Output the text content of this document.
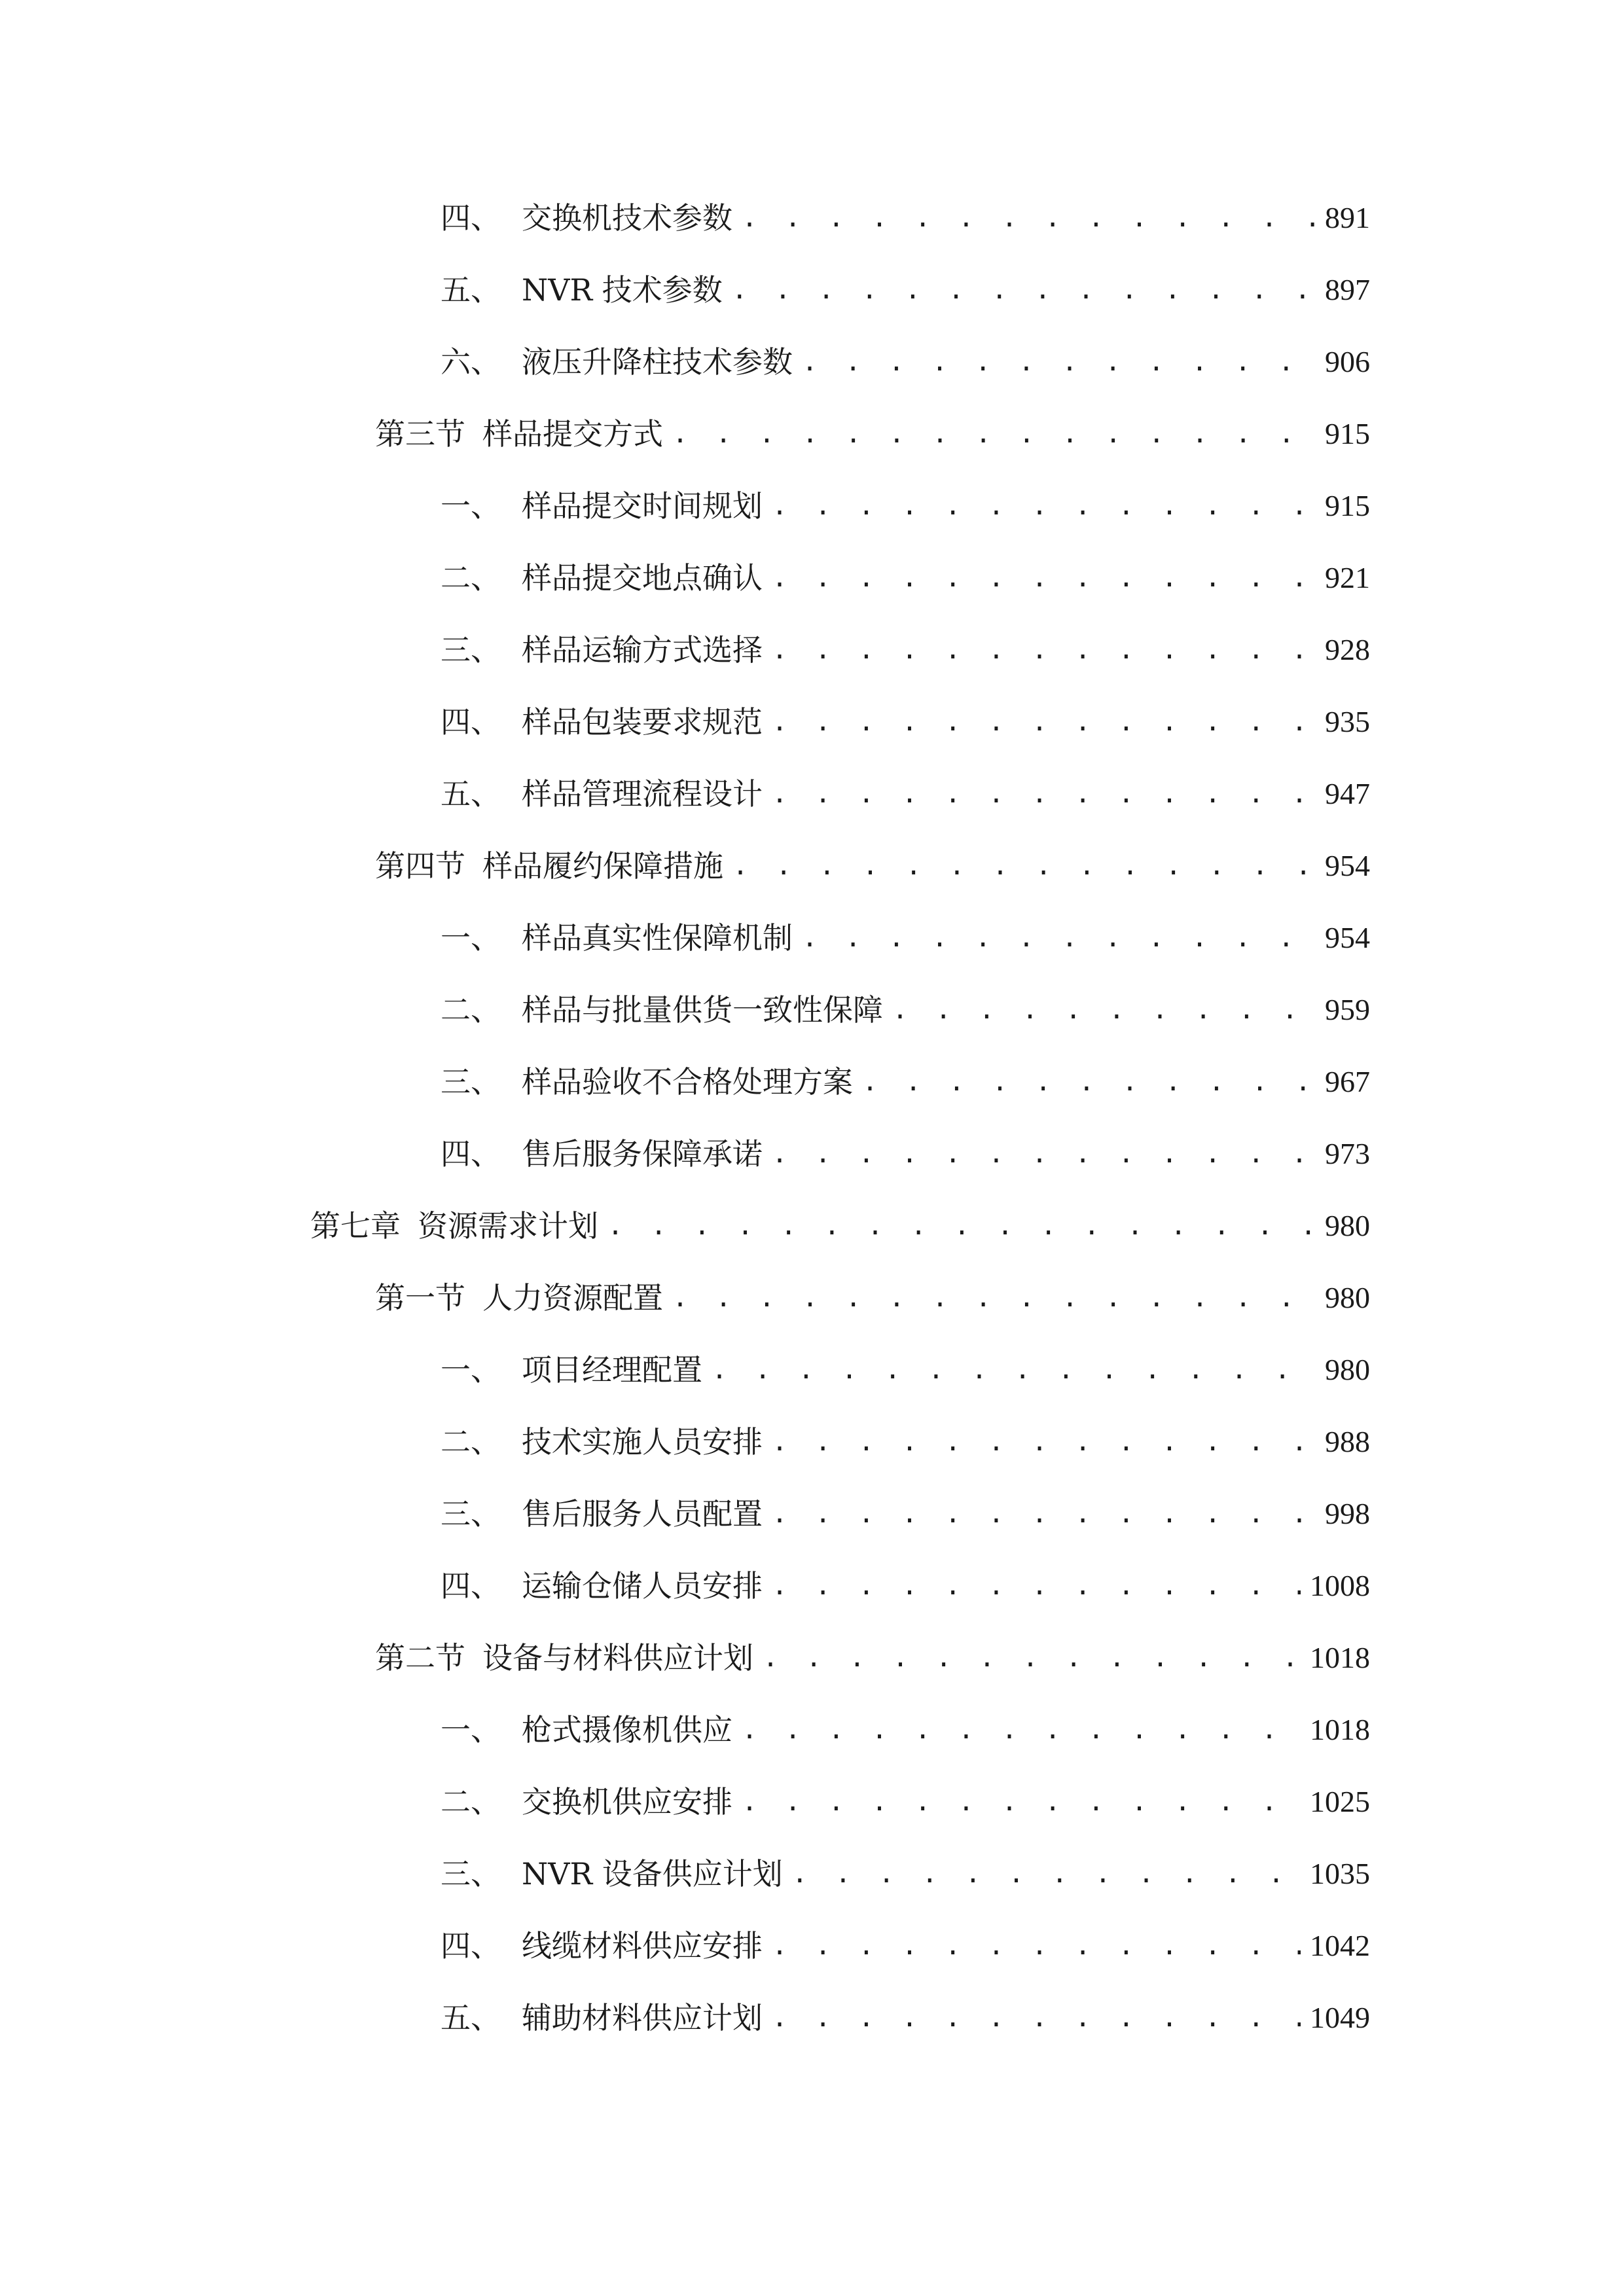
四、 交换机技术参数 . . .	891
五、 NVR 技术参数 . . .	897
六、 液压升降柱技术参数 . . .	906
第三节 样品提交方式 . . .	915
一、 样品提交时间规划 . . .	915
二、 样品提交地点确认 . . .	921
三、 样品运输方式选择 . . .	928
四、 样品包装要求规范 . . .	935
五、 样品管理流程设计 . . .	947
第四节 样品履约保障措施 . . .	954
一、 样品真实性保障机制 . . .	954
二、 样品与批量供货一致性保障 . . .	959
三、 样品验收不合格处理方案 . . .	967
四、 售后服务保障承诺 . . .	973
第七章 资源需求计划 . . .	980
第一节 人力资源配置 . . .	980
一、 项目经理配置 . . .	980
二、 技术实施人员安排 . . .	988
三、 售后服务人员配置 . . .	998
四、 运输仓储人员安排 . . .	1008
第二节 设备与材料供应计划 . . .	1018
一、 枪式摄像机供应 . . .	1018
二、 交换机供应安排 . . .	1025
三、 NVR 设备供应计划 . . .	1035
四、 线缆材料供应安排 . . .	1042
五、 辅助材料供应计划 . . .	1049
